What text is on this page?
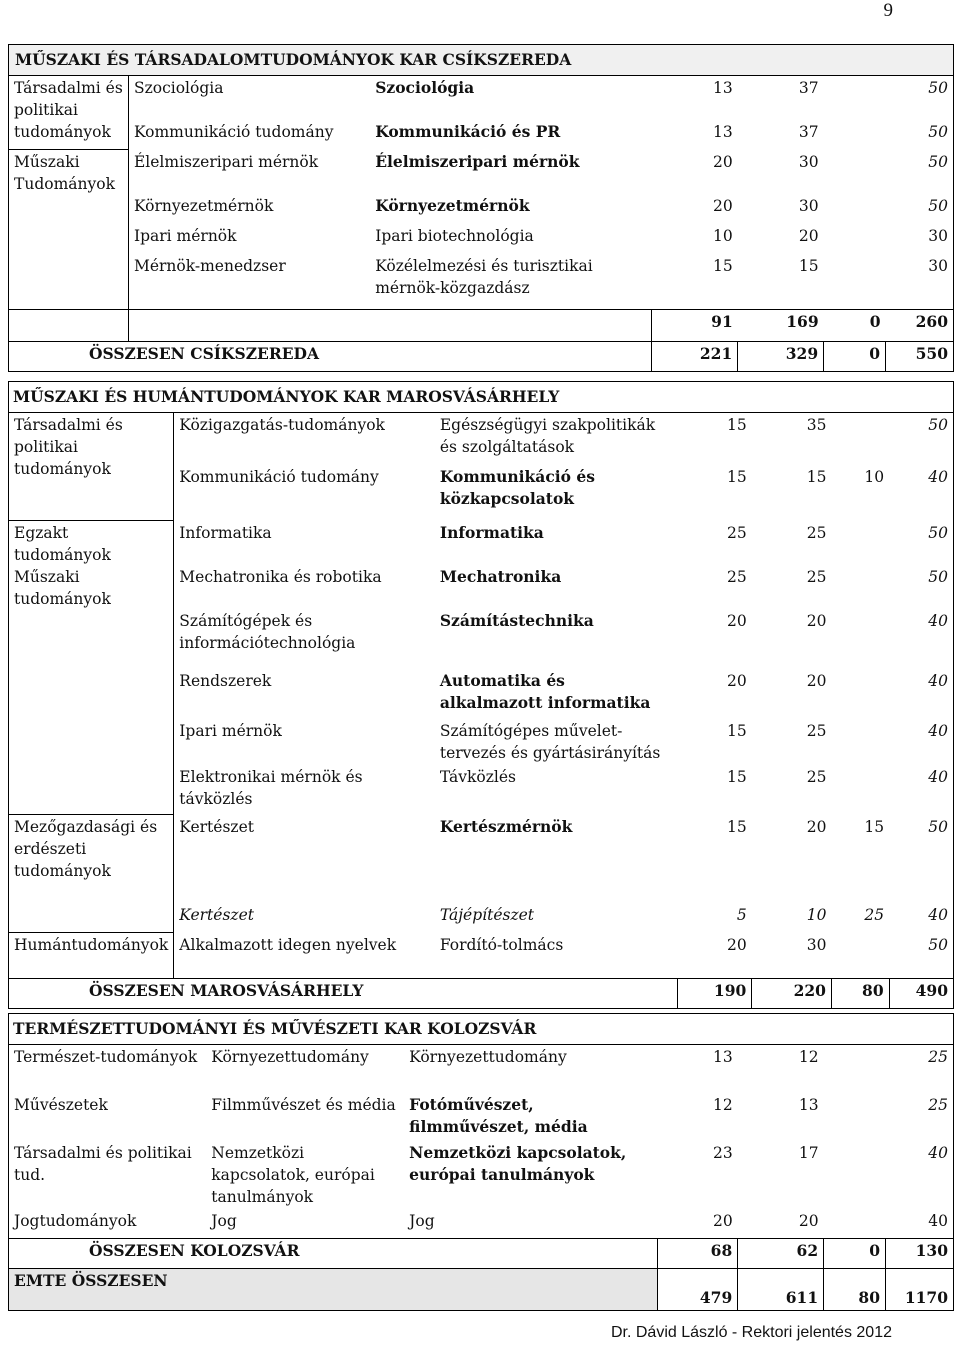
9
MŰSZAKI ÉS TÁRSADALOMTUDOMÁNYOK KAR CSÍKSZEREDA						
Társadalmi és politikai tudományok	Szociológia	Szociológia	13	37		50
	Kommunikáció tudomány	Kommunikáció és PR	13	37		50
Műszaki Tudományok	Élelmiszeripari mérnök	Élelmiszeripari mérnök	20	30		50
	Környezetmérnök	Környezetmérnök	20	30		50
	Ipari mérnök	Ipari biotechnológia	10	20		30
	Mérnök-menedzser	Közélelmezési és turisztikai mérnök-közgazdász	15	15		30
			91	169	0	260
ÖSSZESEN CSÍKSZEREDA			221	329	0	550
MŰSZAKI ÉS HUMÁNTUDOMÁNYOK KAR MAROSVÁSÁRHELY						
Társadalmi és politikai tudományok	Közigazgatás-tudományok	Egészségügyi szakpolitikák és szolgáltatások	15	35		50
	Kommunikáció tudomány	Kommunikáció és közkapcsolatok	15	15	10	40
Egzakt tudományok Műszaki tudományok	Informatika	Informatika	25	25		50
	Mechatronika és robotika	Mechatronika	25	25		50
	Számítógépek és információtechnológia	Számítástechnika	20	20		40
	Rendszerek	Automatika és alkalmazott informatika	20	20		40
	Ipari mérnök	Számítógépes művelet-tervezés és gyártásirányítás	15	25		40
	Elektronikai mérnök és távközlés	Távközlés	15	25		40
Mezőgazdasági és erdészeti tudományok	Kertészet	Kertészmérnök	15	20	15	50
	Kertészet	Tájépítészet	5	10	25	40
Humántudományok	Alkalmazott idegen nyelvek	Fordító-tolmács	20	30		50
ÖSSZESEN MAROSVÁSÁRHELY			190	220	80	490
TERMÉSZETTUDOMÁNYI ÉS MŰVÉSZETI KAR KOLOZSVÁR						
Természet-tudományok	Környezettudomány	Környezettudomány	13	12		25
Művészetek	Filmművészet és média	Fotóművészet, filmművészet, média	12	13		25
Társadalmi és politikai tud.	Nemzetközi kapcsolatok, európai tanulmányok	Nemzetközi kapcsolatok, európai tanulmányok	23	17		40
Jogtudományok	Jog	Jog	20	20		40
ÖSSZESEN KOLOZSVÁR			68	62	0	130
EMTE ÖSSZESEN			479	611	80	1170
Dr. Dávid László - Rektori jelentés 2012
